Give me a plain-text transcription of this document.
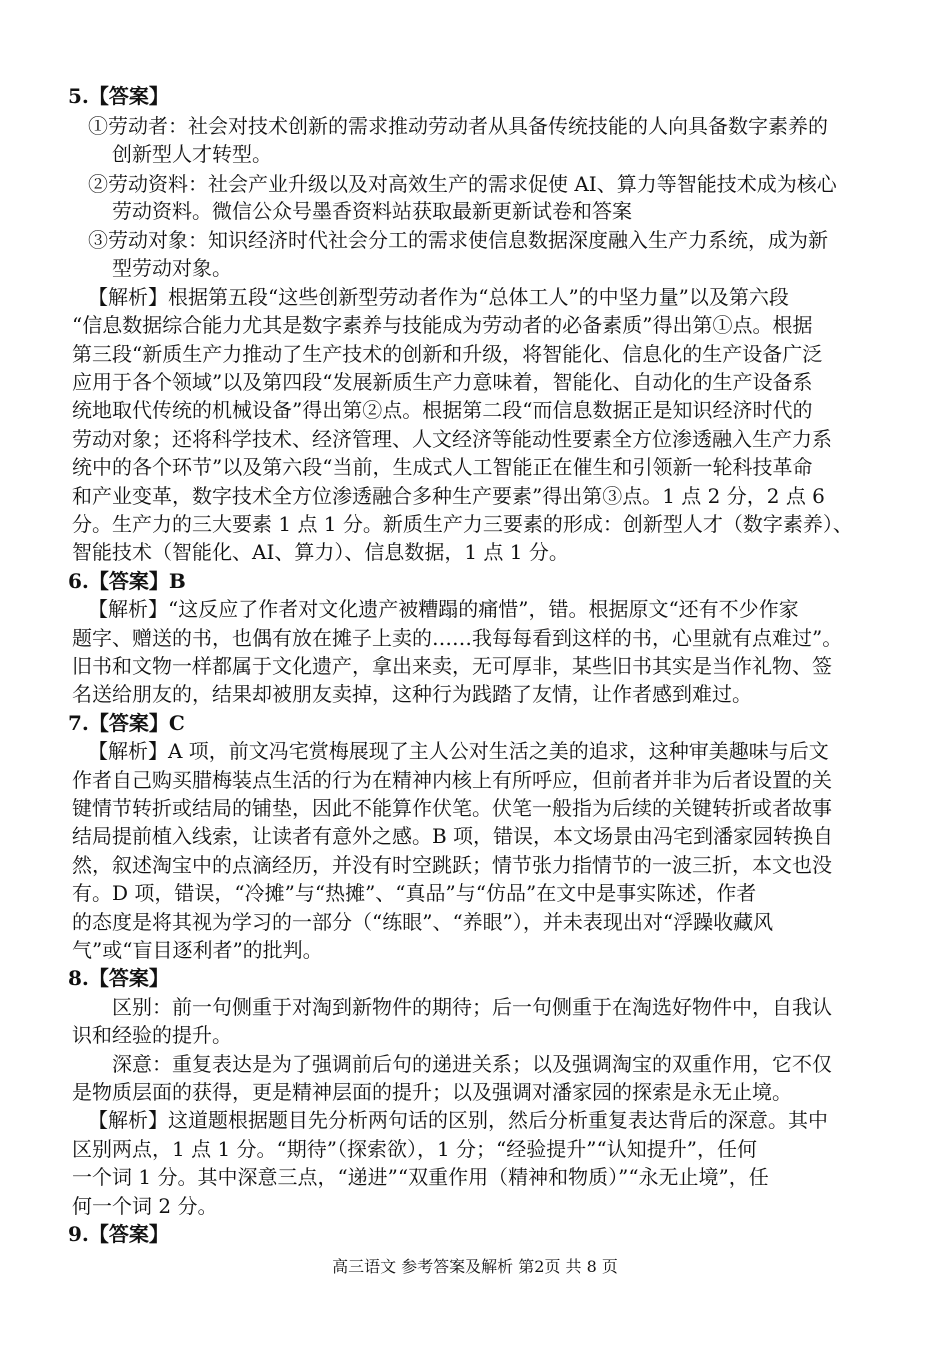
5.【答案】
①劳动者：社会对技术创新的需求推动劳动者从具备传统技能的人向具备数字素养的
创新型人才转型。
②劳动资料：社会产业升级以及对高效生产的需求促使 AI、算力等智能技术成为核心
劳动资料。微信公众号墨香资料站获取最新更新试卷和答案
③劳动对象：知识经济时代社会分工的需求使信息数据深度融入生产力系统，成为新
型劳动对象。
【解析】根据第五段“这些创新型劳动者作为“总体工人”的中坚力量”以及第六段
“信息数据综合能力尤其是数字素养与技能成为劳动者的必备素质”得出第①点。根据
第三段“新质生产力推动了生产技术的创新和升级，将智能化、信息化的生产设备广泛
应用于各个领域”以及第四段“发展新质生产力意味着，智能化、自动化的生产设备系
统地取代传统的机械设备”得出第②点。根据第二段“而信息数据正是知识经济时代的
劳动对象；还将科学技术、经济管理、人文经济等能动性要素全方位渗透融入生产力系
统中的各个环节”以及第六段“当前，生成式人工智能正在催生和引领新一轮科技革命
和产业变革，数字技术全方位渗透融合多种生产要素”得出第③点。1 点 2 分，2 点 6
分。生产力的三大要素 1 点 1 分。新质生产力三要素的形成：创新型人才（数字素养）、
智能技术（智能化、AI、算力）、信息数据，1 点 1 分。
6.【答案】B
【解析】“这反应了作者对文化遗产被糟蹋的痛惜”，错。根据原文“还有不少作家
题字、赠送的书，也偶有放在摊子上卖的……我每每看到这样的书，心里就有点难过”。
旧书和文物一样都属于文化遗产，拿出来卖，无可厚非，某些旧书其实是当作礼物、签
名送给朋友的，结果却被朋友卖掉，这种行为践踏了友情，让作者感到难过。
7.【答案】C
【解析】A 项，前文冯宅赏梅展现了主人公对生活之美的追求，这种审美趣味与后文
作者自己购买腊梅装点生活的行为在精神内核上有所呼应，但前者并非为后者设置的关
键情节转折或结局的铺垫，因此不能算作伏笔。伏笔一般指为后续的关键转折或者故事
结局提前植入线索，让读者有意外之感。B 项，错误，本文场景由冯宅到潘家园转换自
然，叙述淘宝中的点滴经历，并没有时空跳跃；情节张力指情节的一波三折，本文也没
有。D 项，错误，“冷摊”与“热摊”、“真品”与“仿品”在文中是事实陈述，作者
的态度是将其视为学习的一部分（“练眼”、“养眼”），并未表现出对“浮躁收藏风
气”或“盲目逐利者”的批判。
8.【答案】
区别：前一句侧重于对淘到新物件的期待；后一句侧重于在淘选好物件中，自我认
识和经验的提升。
深意：重复表达是为了强调前后句的递进关系；以及强调淘宝的双重作用，它不仅
是物质层面的获得，更是精神层面的提升；以及强调对潘家园的探索是永无止境。
【解析】这道题根据题目先分析两句话的区别，然后分析重复表达背后的深意。其中
区别两点，1 点 1 分。“期待”（探索欲），1 分；“经验提升”“认知提升”，任何
一个词 1 分。其中深意三点，“递进”“双重作用（精神和物质）”“永无止境”，任
何一个词 2 分。
9.【答案】
高三语文 参考答案及解析 第2页 共 8 页
